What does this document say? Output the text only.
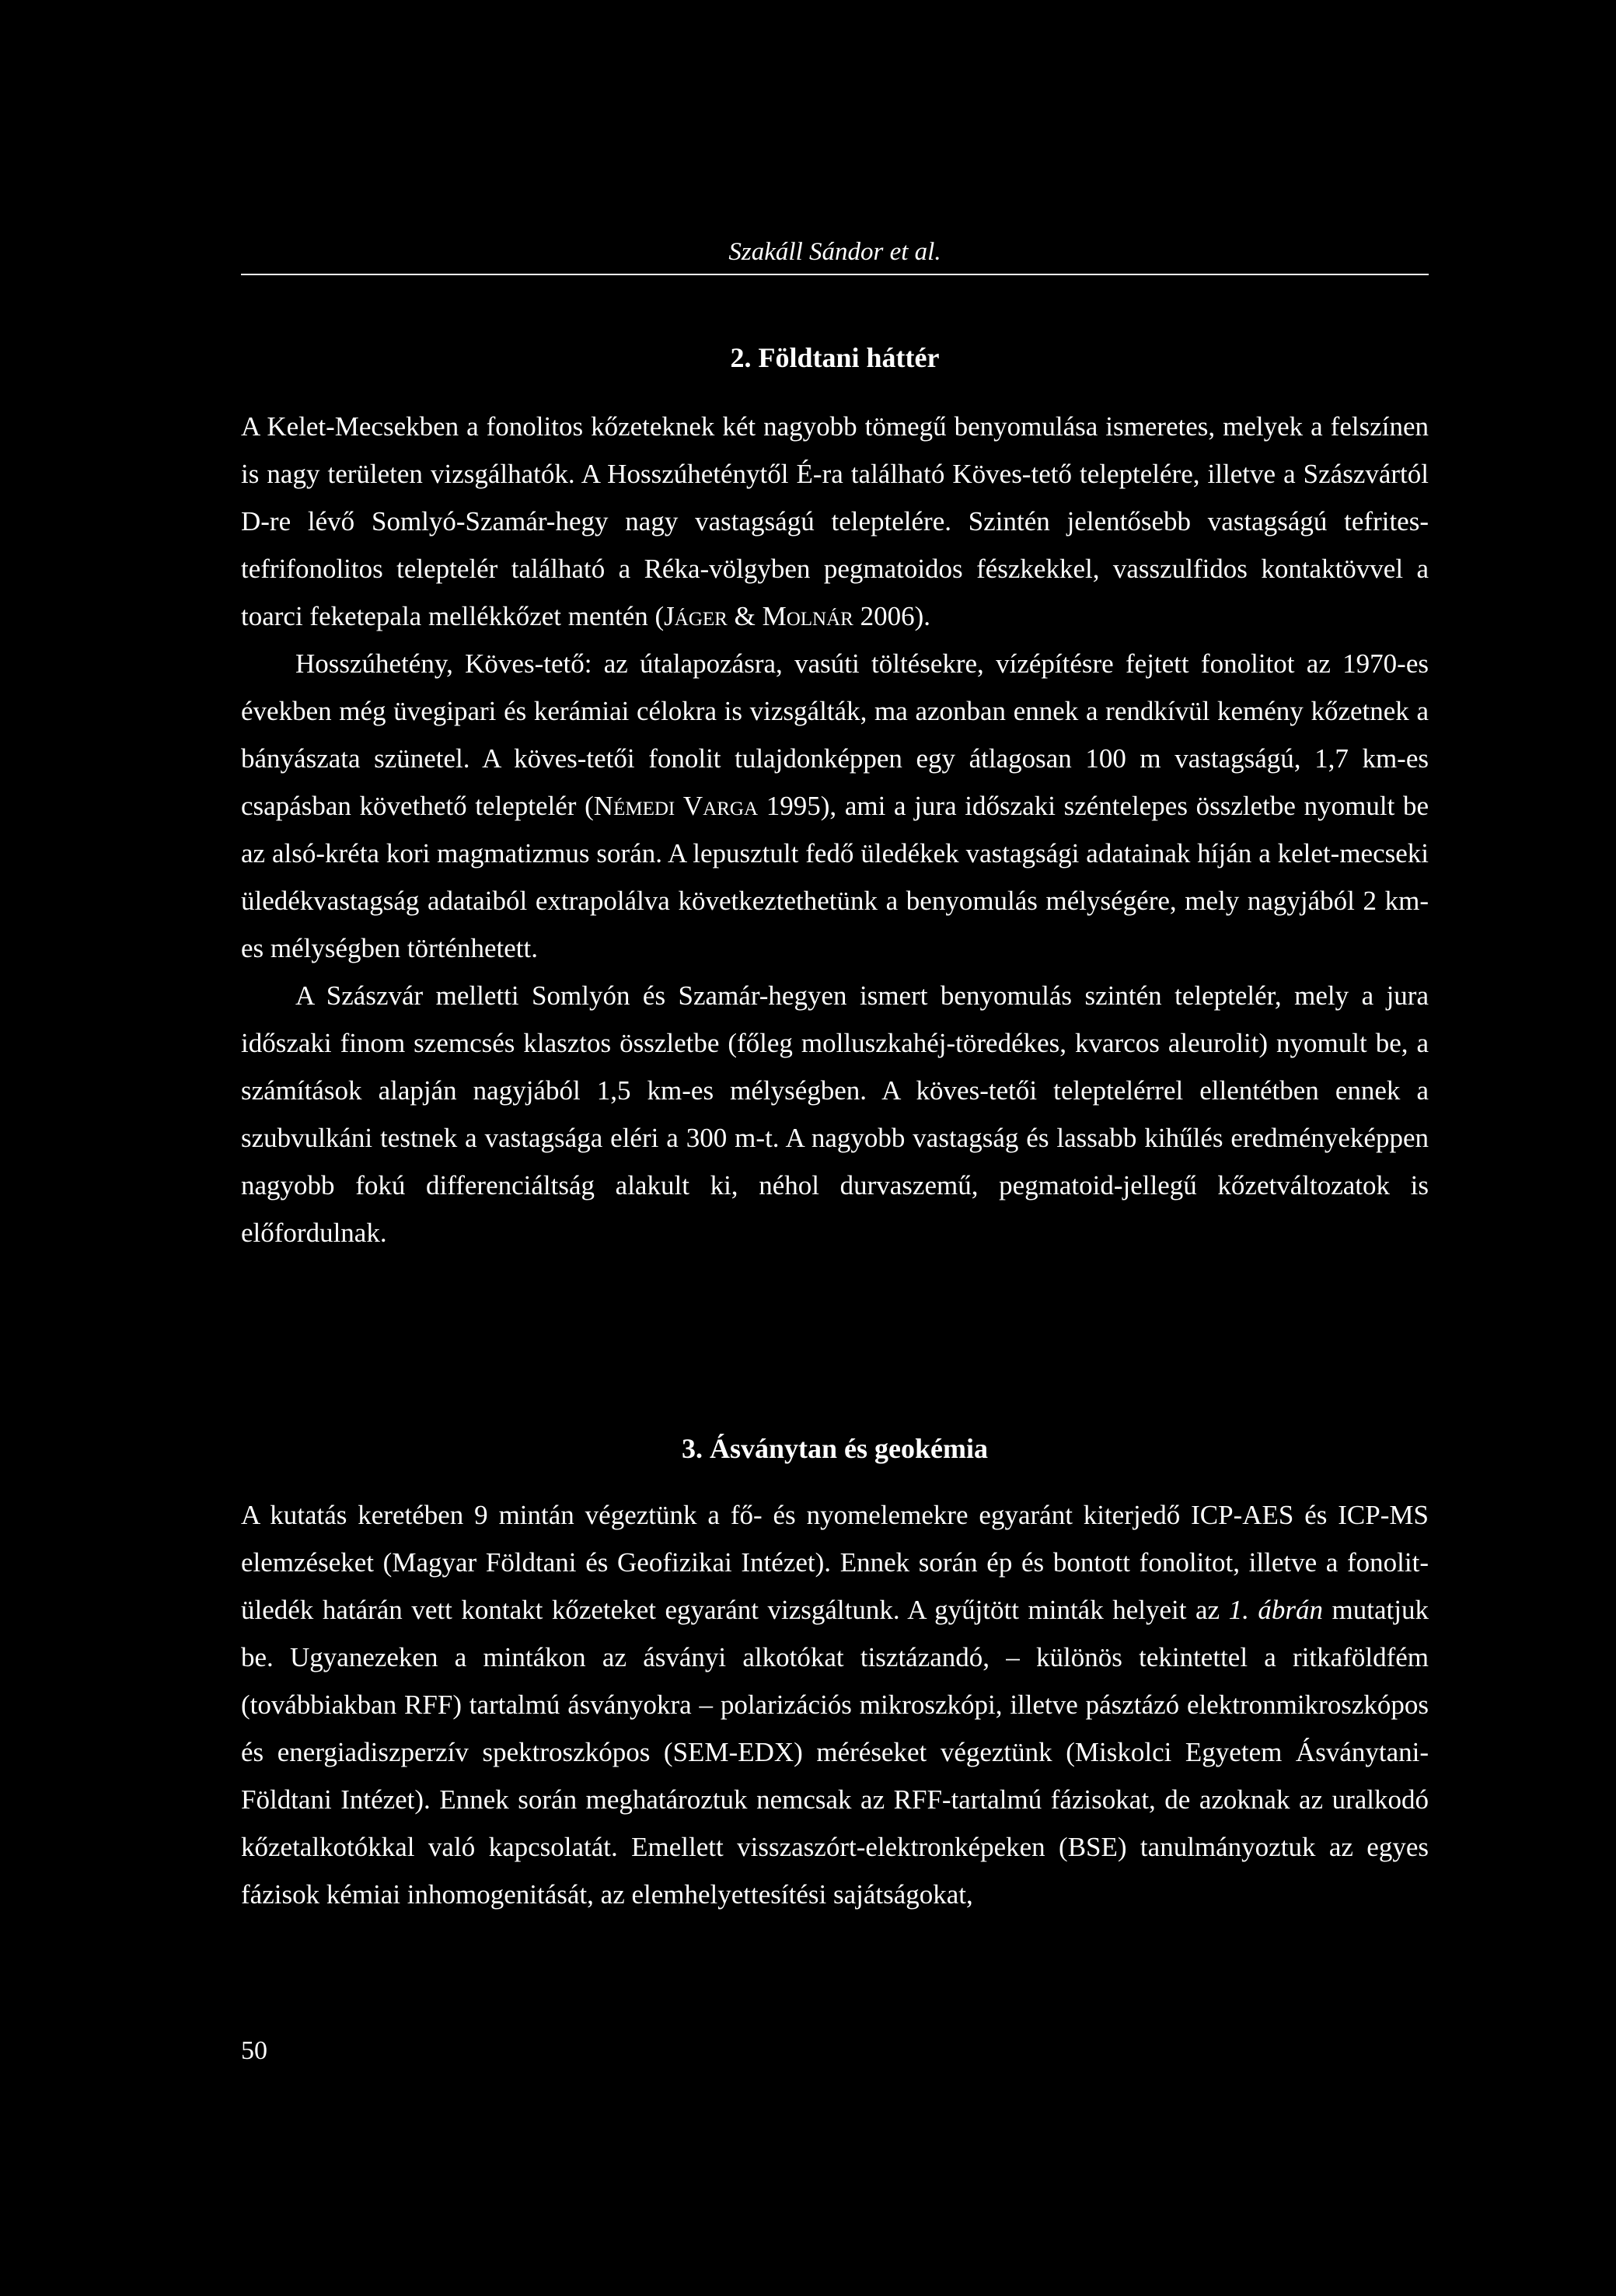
Szakáll Sándor et al.
2. Földtani háttér

A Kelet-Mecsekben a fonolitos kőzeteknek két nagyobb tömegű benyomulása ismeretes, melyek a felszínen is nagy területen vizsgálhatók. A Hosszúheténytől É-ra található Köves-tető teleptelére, illetve a Szászvártól D-re lévő Somlyó-Szamár-hegy nagy vastagságú teleptelére. Szintén jelentősebb vastagságú tefrites-tefrifonolitos teleptelér található a Réka-völgyben pegmatoidos fészkekkel, vasszulfidos kontaktövvel a toarci feketepala mellékkőzet mentén (Jáger & Molnár 2006).

Hosszúhetény, Köves-tető: az útalapozásra, vasúti töltésekre, vízépítésre fejtett fonolitot az 1970-es években még üvegipari és kerámiai célokra is vizsgálták, ma azonban ennek a rendkívül kemény kőzetnek a bányászata szünetel. A köves-tetői fonolit tulajdonképpen egy átlagosan 100 m vastagságú, 1,7 km-es csapásban követhető teleptelér (Némedi Varga 1995), ami a jura időszaki széntelepes összletbe nyomult be az alsó-kréta kori magmatizmus során. A lepusztult fedő üledékek vastagsági adatainak híján a kelet-mecseki üledékvastagság adataiból extrapolálva következtethetünk a benyomulás mélységére, mely nagyjából 2 km-es mélységben történhetett.

A Szászvár melletti Somlyón és Szamár-hegyen ismert benyomulás szintén teleptelér, mely a jura időszaki finom szemcsés klasztos összletbe (főleg molluszkahéj-töredékes, kvarcos aleurolit) nyomult be, a számítások alapján nagyjából 1,5 km-es mélységben. A köves-tetői teleptelérrel ellentétben ennek a szubvulkáni testnek a vastagsága eléri a 300 m-t. A nagyobb vastagság és lassabb kihűlés eredményeképpen nagyobb fokú differenciáltság alakult ki, néhol durvaszemű, pegmatoid-jellegű kőzetváltozatok is előfordulnak.

3. Ásványtan és geokémia

A kutatás keretében 9 mintán végeztünk a fő- és nyomelemekre egyaránt kiterjedő ICP-AES és ICP-MS elemzéseket (Magyar Földtani és Geofizikai Intézet). Ennek során ép és bontott fonolitot, illetve a fonolit-üledék határán vett kontakt kőzeteket egyaránt vizsgáltunk. A gyűjtött minták helyeit az 1. ábrán mutatjuk be. Ugyanezeken a mintákon az ásványi alkotókat tisztázandó, – különös tekintettel a ritkaföldfém (továbbiakban RFF) tartalmú ásványokra – polarizációs mikroszkópi, illetve pásztázó elektronmikroszkópos és energiadiszperzív spektroszkópos (SEM-EDX) méréseket végeztünk (Miskolci Egyetem Ásványtani-Földtani Intézet). Ennek során meghatároztuk nemcsak az RFF-tartalmú fázisokat, de azoknak az uralkodó kőzetalkotókkal való kapcsolatát. Emellett visszaszórt-elektronképeken (BSE) tanulmányoztuk az egyes fázisok kémiai inhomogenitását, az elemhelyettesítési sajátságokat,

50
